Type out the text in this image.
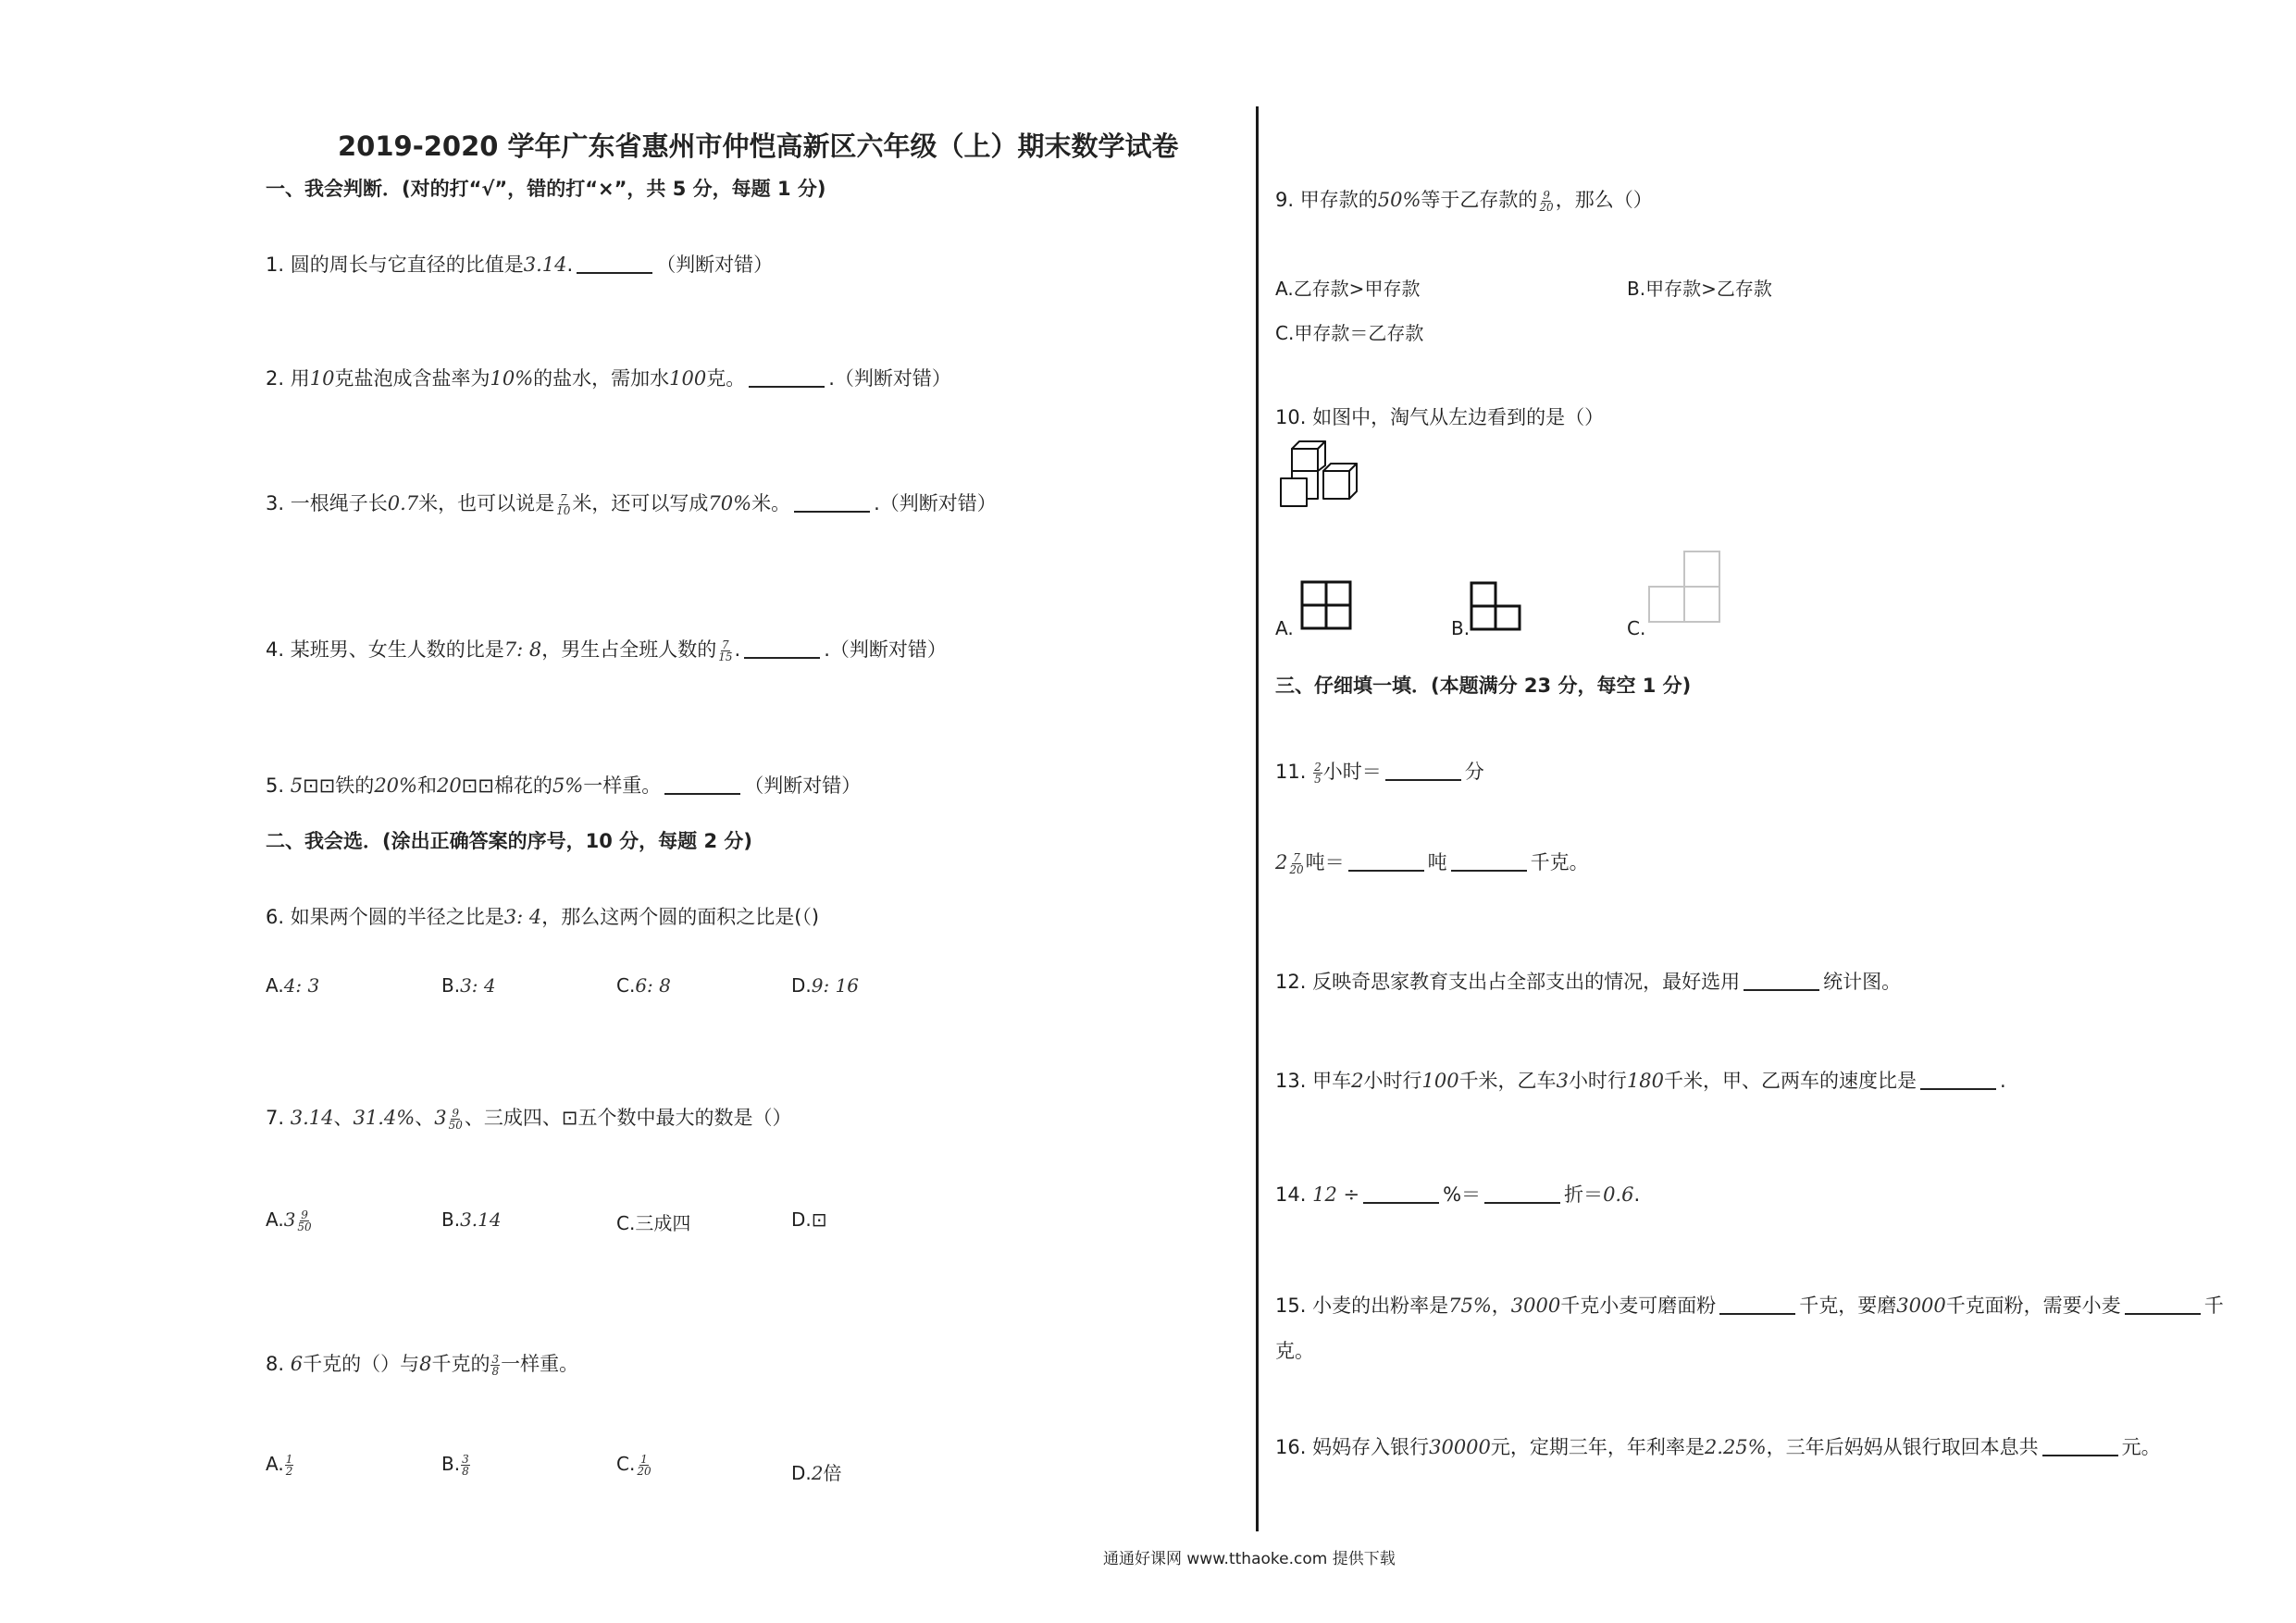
2019-2020 学年广东省惠州市仲恺高新区六年级（上）期末数学试卷
一、我会判断．(对的打“√”，错的打“×”，共 5 分，每题 1 分)
1. 圆的周长与它直径的比值是3.14.	（判断对错）
2. 用10克盐泡成含盐率为10%的盐水，需加水100克。	.（判断对错）
3. 一根绳子长0.7米，也可以说是 $\frac{7}{10}$ 米，还可以写成70%米。	.（判断对错）
4. 某班男、女生人数的比是7: 8，男生占全班人数的 $\frac{7}{15}$ .	.（判断对错）
5. 5⊡⊡铁的20%和20⊡⊡棉花的5%一样重。	（判断对错）
二、我会选．(涂出正确答案的序号，10 分，每题 2 分)
6. 如果两个圆的半径之比是3: 4，那么这两个圆的面积之比是(（)
A.4: 3	B.3: 4	C.6: 8	D.9: 16
7. 3.14、31.4%、$3 \frac{9}{50}$ 、三成四、⊡五个数中最大的数是（）
$A.3 \frac{9}{50}$	B.3.14	C.三成四	D.⊡
8. 6千克的（）与8千克的 $\frac{3}{8}$ 一样重。
A. $\frac{1}{2}$	B. $\frac{3}{8}$	C. $\frac{1}{20}$	D.2倍
9. 甲存款的50%等于乙存款的 $\frac{9}{20}$ ，那么（）
A.乙存款>甲存款	B.甲存款>乙存款
C.甲存款＝乙存款
10. 如图中，淘气从左边看到的是（）
A.	B.	C.
三、仔细填一填．(本题满分 23 分，每空 1 分)
11. $\frac{2}{5}$ 小时＝	分
$2 \frac{7}{20}$ 吨＝	吨	千克。
12. 反映奇思家教育支出占全部支出的情况，最好选用	统计图。
13. 甲车2小时行100千米，乙车3小时行180千米，甲、乙两车的速度比是	.
14. 12 ÷	%＝	折＝0.6.
15. 小麦的出粉率是75%，3000千克小麦可磨面粉	千克，要磨3000千克面粉，需要小麦	千
克。
16. 妈妈存入银行30000元，定期三年，年利率是2.25%，三年后妈妈从银行取回本息共	元。
通通好课网 www.tthaoke.com 提供下载
